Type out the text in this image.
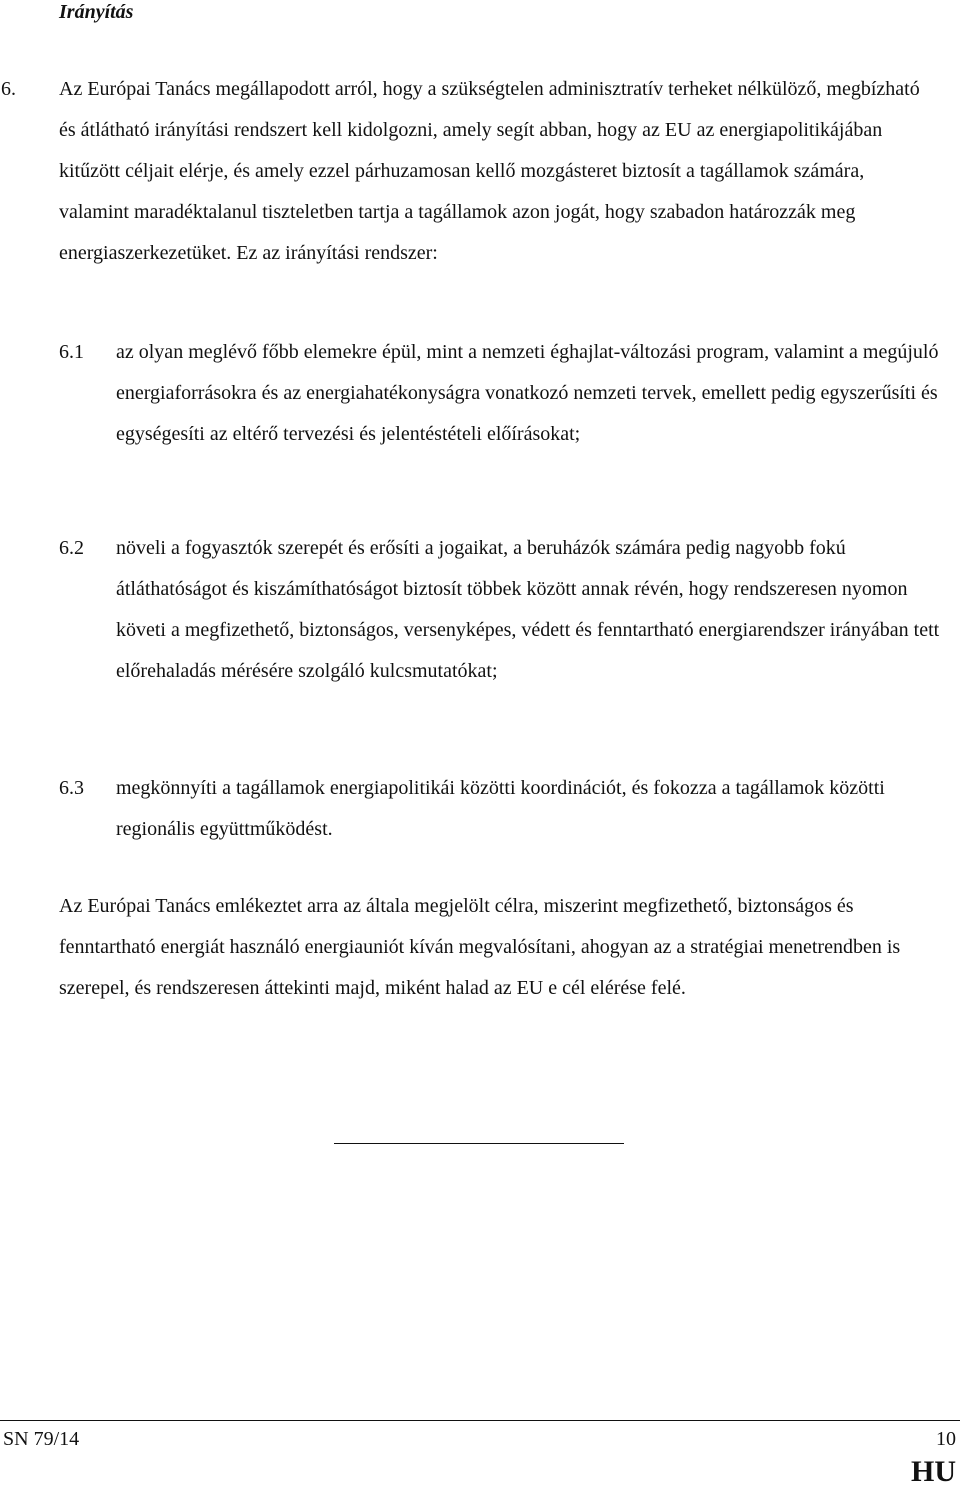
Irányítás
6. Az Európai Tanács megállapodott arról, hogy a szükségtelen adminisztratív terheket nélkülöző, megbízható és átlátható irányítási rendszert kell kidolgozni, amely segít abban, hogy az EU az energiapolitikájában kitűzött céljait elérje, és amely ezzel párhuzamosan kellő mozgásteret biztosít a tagállamok számára, valamint maradéktalanul tiszteletben tartja a tagállamok azon jogát, hogy szabadon határozzák meg energiaszerkezetüket. Ez az irányítási rendszer:

6.1 az olyan meglévő főbb elemekre épül, mint a nemzeti éghajlat-változási program, valamint a megújuló energiaforrásokra és az energiahatékonyságra vonatkozó nemzeti tervek, emellett pedig egyszerűsíti és egységesíti az eltérő tervezési és jelentéstételi előírásokat;

6.2 növeli a fogyasztók szerepét és erősíti a jogaikat, a beruházók számára pedig nagyobb fokú átláthatóságot és kiszámíthatóságot biztosít többek között annak révén, hogy rendszeresen nyomon követi a megfizethető, biztonságos, versenyképes, védett és fenntartható energiarendszer irányában tett előrehaladás mérésére szolgáló kulcsmutatókat;

6.3 megkönnyíti a tagállamok energiapolitikái közötti koordinációt, és fokozza a tagállamok közötti regionális együttműködést.

Az Európai Tanács emlékeztet arra az általa megjelölt célra, miszerint megfizethető, biztonságos és fenntartható energiát használó energiauniót kíván megvalósítani, ahogyan az a stratégiai menetrendben is szerepel, és rendszeresen áttekinti majd, miként halad az EU e cél elérése felé.

SN 79/14	10
HU
